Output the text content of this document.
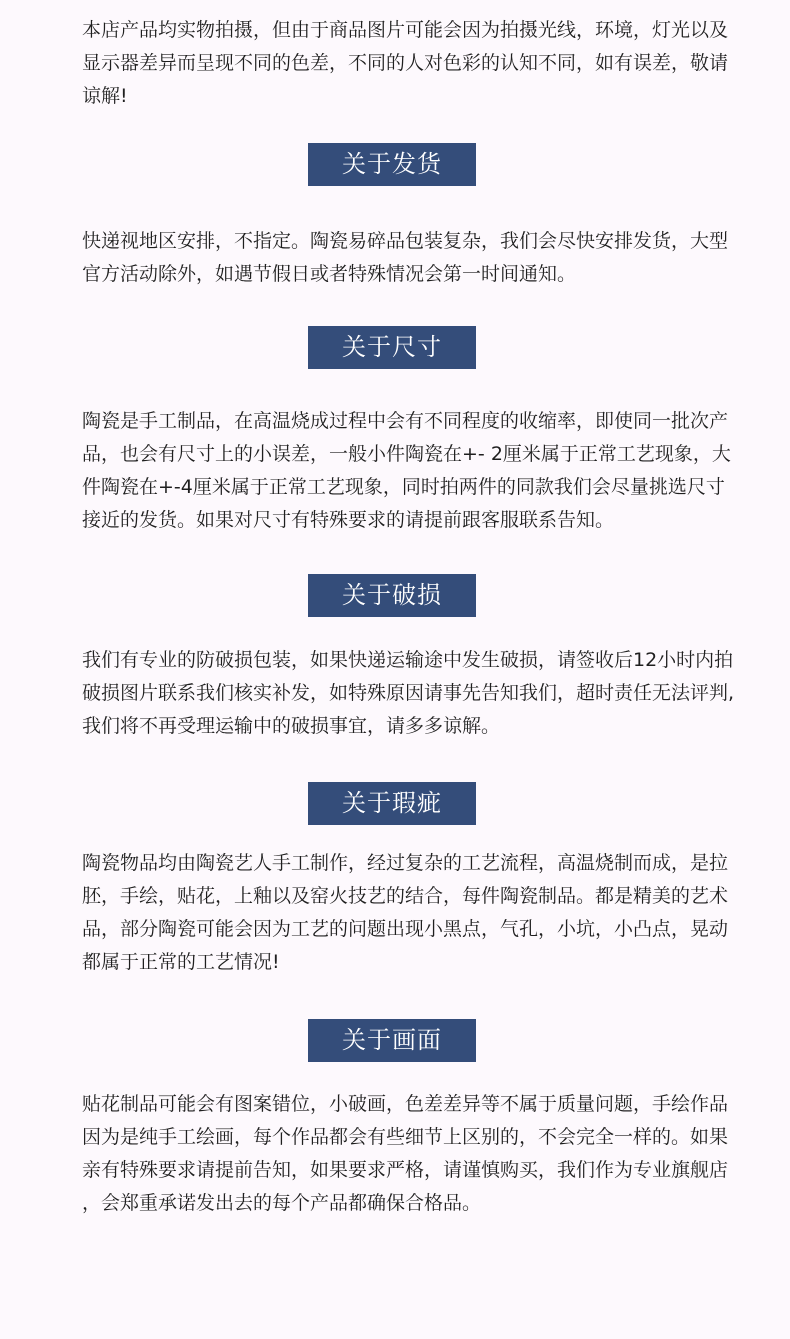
本店产品均实物拍摄，但由于商品图片可能会因为拍摄光线，环境，灯光以及
显示器差异而呈现不同的色差，不同的人对色彩的认知不同，如有误差，敬请
谅解!

关于发货

快递视地区安排，不指定。陶瓷易碎品包装复杂，我们会尽快安排发货，大型
官方活动除外，如遇节假日或者特殊情况会第一时间通知。

关于尺寸

陶瓷是手工制品，在高温烧成过程中会有不同程度的收缩率，即使同一批次产
品，也会有尺寸上的小误差，一般小件陶瓷在+- 2厘米属于正常工艺现象，大
件陶瓷在+-4厘米属于正常工艺现象，同时拍两件的同款我们会尽量挑选尺寸
接近的发货。如果对尺寸有特殊要求的请提前跟客服联系告知。

关于破损

我们有专业的防破损包装，如果快递运输途中发生破损，请签收后12小时内拍
破损图片联系我们核实补发，如特殊原因请事先告知我们，超时责任无法评判,
我们将不再受理运输中的破损事宜，请多多谅解。

关于瑕疵

陶瓷物品均由陶瓷艺人手工制作，经过复杂的工艺流程，高温烧制而成，是拉
胚，手绘，贴花，上釉以及窑火技艺的结合，每件陶瓷制品。都是精美的艺术
品，部分陶瓷可能会因为工艺的问题出现小黑点，气孔，小坑，小凸点，晃动
都属于正常的工艺情况!

关于画面

贴花制品可能会有图案错位，小破画，色差差异等不属于质量问题，手绘作品
因为是纯手工绘画，每个作品都会有些细节上区别的，不会完全一样的。如果
亲有特殊要求请提前告知，如果要求严格，请谨慎购买，我们作为专业旗舰店
，会郑重承诺发出去的每个产品都确保合格品。
